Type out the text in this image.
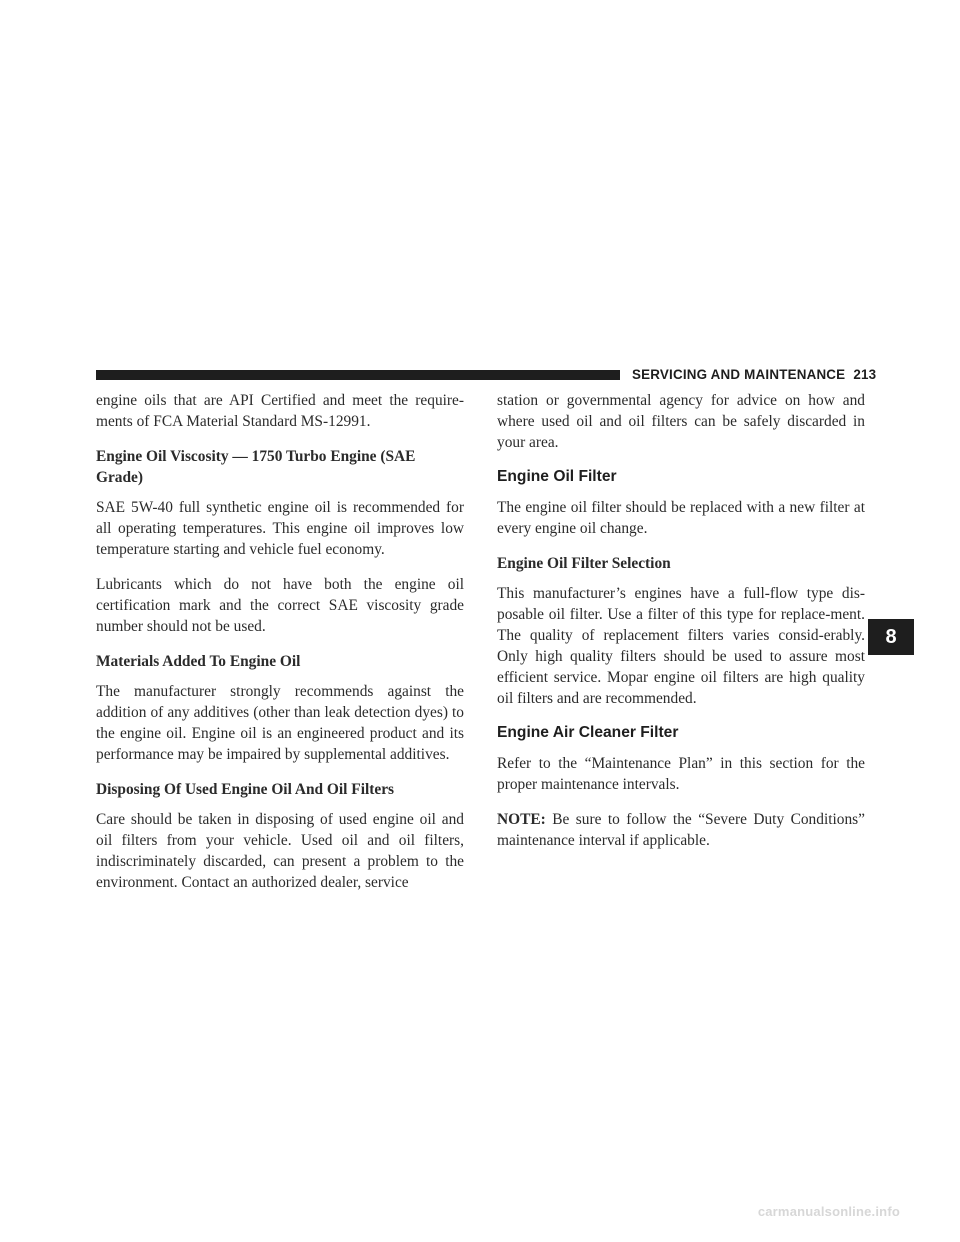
SERVICING AND MAINTENANCE 213

engine oils that are API Certified and meet the require-ments of FCA Material Standard MS-12991.

Engine Oil Viscosity — 1750 Turbo Engine (SAE Grade)

SAE 5W-40 full synthetic engine oil is recommended for all operating temperatures. This engine oil improves low temperature starting and vehicle fuel economy.

Lubricants which do not have both the engine oil certification mark and the correct SAE viscosity grade number should not be used.

Materials Added To Engine Oil

The manufacturer strongly recommends against the addition of any additives (other than leak detection dyes) to the engine oil. Engine oil is an engineered product and its performance may be impaired by supplemental additives.

Disposing Of Used Engine Oil And Oil Filters

Care should be taken in disposing of used engine oil and oil filters from your vehicle. Used oil and oil filters, indiscriminately discarded, can present a problem to the environment. Contact an authorized dealer, service

station or governmental agency for advice on how and where used oil and oil filters can be safely discarded in your area.

Engine Oil Filter

The engine oil filter should be replaced with a new filter at every engine oil change.

Engine Oil Filter Selection

This manufacturer’s engines have a full-flow type dis-posable oil filter. Use a filter of this type for replace-ment. The quality of replacement filters varies consid-erably. Only high quality filters should be used to assure most efficient service. Mopar engine oil filters are high quality oil filters and are recommended.

Engine Air Cleaner Filter

Refer to the “Maintenance Plan” in this section for the proper maintenance intervals.

NOTE: Be sure to follow the “Severe Duty Conditions” maintenance interval if applicable.

8
carmanualsonline.info
